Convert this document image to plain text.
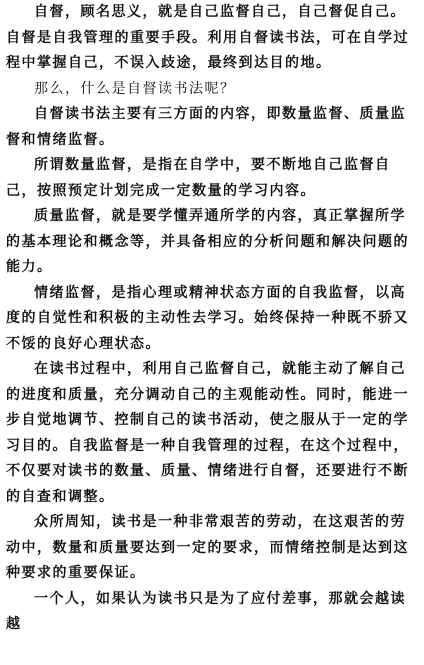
自督，顾名思义，就是自己监督自己，自己督促自己。自督是自我管理的重要手段。利用自督读书法，可在自学过程中掌握自己，不误入歧途，最终到达目的地。

那么，什么是自督读书法呢？

自督读书法主要有三方面的内容，即数量监督、质量监督和情绪监督。

所谓数量监督，是指在自学中，要不断地自己监督自己，按照预定计划完成一定数量的学习内容。

质量监督，就是要学懂弄通所学的内容，真正掌握所学的基本理论和概念等，并具备相应的分析问题和解决问题的能力。

情绪监督，是指心理或精神状态方面的自我监督，以高度的自觉性和积极的主动性去学习。始终保持一种既不骄又不馁的良好心理状态。

在读书过程中，利用自己监督自己，就能主动了解自己的进度和质量，充分调动自己的主观能动性。同时，能进一步自觉地调节、控制自己的读书活动，使之服从于一定的学习目的。自我监督是一种自我管理的过程，在这个过程中，不仅要对读书的数量、质量、情绪进行自督，还要进行不断的自查和调整。

众所周知，读书是一种非常艰苦的劳动，在这艰苦的劳动中，数量和质量要达到一定的要求，而情绪控制是达到这种要求的重要保证。

一个人，如果认为读书只是为了应付差事，那就会越读越
